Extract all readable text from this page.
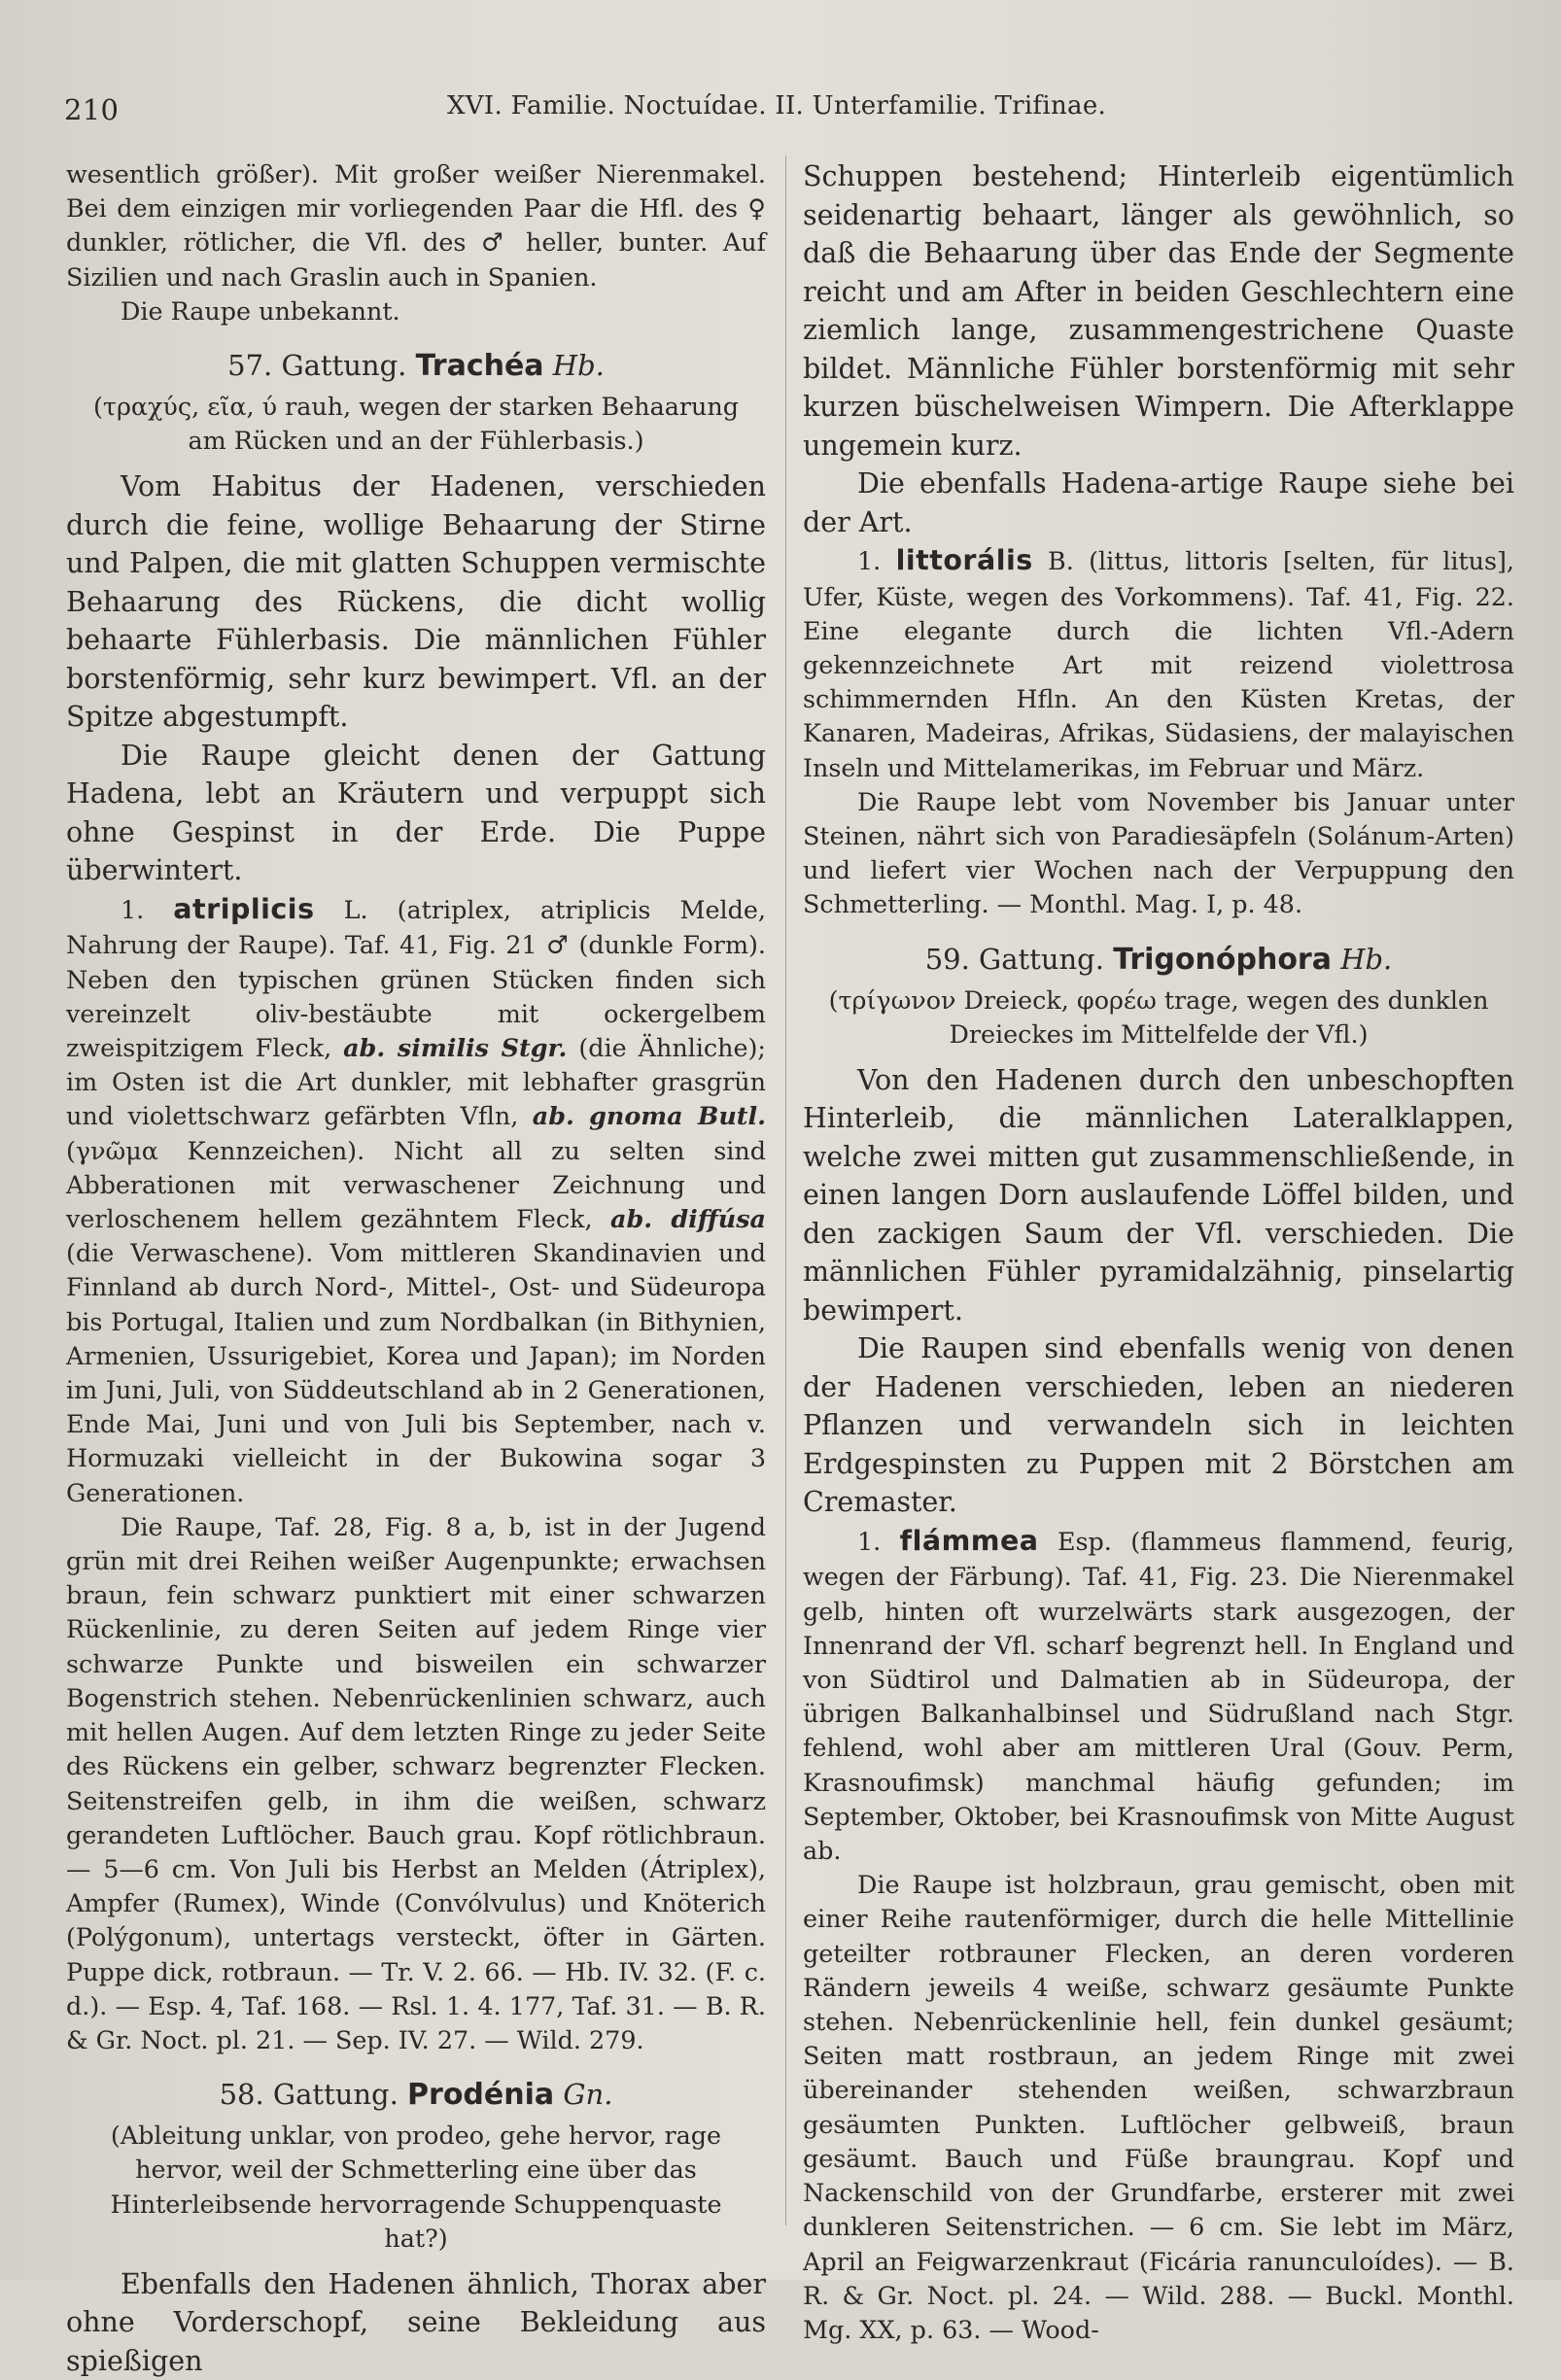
210	XVI. Familie. Noctuídae. II. Unterfamilie. Trifinae.

wesentlich größer). Mit großer weißer Nierenmakel. Bei dem einzigen mir vorliegenden Paar die Hfl. des ♀ dunkler, rötlicher, die Vfl. des ♂ heller, bunter. Auf Sizilien und nach Graslin auch in Spanien.

Die Raupe unbekannt.

57. Gattung. Trachéa Hb.

(τραχύς, εῖα, ύ rauh, wegen der starken Behaarung am Rücken und an der Fühlerbasis.)

Vom Habitus der Hadenen, verschieden durch die feine, wollige Behaarung der Stirne und Palpen, die mit glatten Schuppen vermischte Behaarung des Rückens, die dicht wollig behaarte Fühlerbasis. Die männlichen Fühler borstenförmig, sehr kurz bewimpert. Vfl. an der Spitze abgestumpft.

Die Raupe gleicht denen der Gattung Hadena, lebt an Kräutern und verpuppt sich ohne Gespinst in der Erde. Die Puppe überwintert.

1. atriplicis L. (atriplex, atriplicis Melde, Nahrung der Raupe). Taf. 41, Fig. 21 ♂ (dunkle Form). Neben den typischen grünen Stücken finden sich vereinzelt oliv-bestäubte mit ockergelbem zweispitzigem Fleck, ab. similis Stgr. (die Ähnliche); im Osten ist die Art dunkler, mit lebhafter grasgrün und violettschwarz gefärbten Vfln, ab. gnoma Butl. (γνῶμα Kennzeichen). Nicht all zu selten sind Abberationen mit verwaschener Zeichnung und verloschenem hellem gezähntem Fleck, ab. diffúsa (die Verwaschene). Vom mittleren Skandinavien und Finnland ab durch Nord-, Mittel-, Ost- und Südeuropa bis Portugal, Italien und zum Nordbalkan (in Bithynien, Armenien, Ussurigebiet, Korea und Japan); im Norden im Juni, Juli, von Süddeutschland ab in 2 Generationen, Ende Mai, Juni und von Juli bis September, nach v. Hormuzaki vielleicht in der Bukowina sogar 3 Generationen.

Die Raupe, Taf. 28, Fig. 8 a, b, ist in der Jugend grün mit drei Reihen weißer Augenpunkte; erwachsen braun, fein schwarz punktiert mit einer schwarzen Rückenlinie, zu deren Seiten auf jedem Ringe vier schwarze Punkte und bisweilen ein schwarzer Bogenstrich stehen. Nebenrückenlinien schwarz, auch mit hellen Augen. Auf dem letzten Ringe zu jeder Seite des Rückens ein gelber, schwarz begrenzter Flecken. Seitenstreifen gelb, in ihm die weißen, schwarz gerandeten Luftlöcher. Bauch grau. Kopf rötlichbraun. — 5—6 cm. Von Juli bis Herbst an Melden (Átriplex), Ampfer (Rumex), Winde (Convólvulus) und Knöterich (Polýgonum), untertags versteckt, öfter in Gärten. Puppe dick, rotbraun. — Tr. V. 2. 66. — Hb. IV. 32. (F. c. d.). — Esp. 4, Taf. 168. — Rsl. 1. 4. 177, Taf. 31. — B. R. & Gr. Noct. pl. 21. — Sep. IV. 27. — Wild. 279.

58. Gattung. Prodénia Gn.

(Ableitung unklar, von prodeo, gehe hervor, rage hervor, weil der Schmetterling eine über das Hinterleibsende hervorragende Schuppenquaste hat?)

Ebenfalls den Hadenen ähnlich, Thorax aber ohne Vorderschopf, seine Bekleidung aus spießigen

Schuppen bestehend; Hinterleib eigentümlich seidenartig behaart, länger als gewöhnlich, so daß die Behaarung über das Ende der Segmente reicht und am After in beiden Geschlechtern eine ziemlich lange, zusammengestrichene Quaste bildet. Männliche Fühler borstenförmig mit sehr kurzen büschelweisen Wimpern. Die Afterklappe ungemein kurz.

Die ebenfalls Hadena-artige Raupe siehe bei der Art.

1. littorális B. (littus, littoris [selten, für litus], Ufer, Küste, wegen des Vorkommens). Taf. 41, Fig. 22. Eine elegante durch die lichten Vfl.-Adern gekennzeichnete Art mit reizend violettrosa schimmernden Hfln. An den Küsten Kretas, der Kanaren, Madeiras, Afrikas, Südasiens, der malayischen Inseln und Mittelamerikas, im Februar und März.

Die Raupe lebt vom November bis Januar unter Steinen, nährt sich von Paradiesäpfeln (Solánum-Arten) und liefert vier Wochen nach der Verpuppung den Schmetterling. — Monthl. Mag. I, p. 48.

59. Gattung. Trigonóphora Hb.

(τρίγωνον Dreieck, φορέω trage, wegen des dunklen Dreieckes im Mittelfelde der Vfl.)

Von den Hadenen durch den unbeschopften Hinterleib, die männlichen Lateralklappen, welche zwei mitten gut zusammenschließende, in einen langen Dorn auslaufende Löffel bilden, und den zackigen Saum der Vfl. verschieden. Die männlichen Fühler pyramidalzähnig, pinselartig bewimpert.

Die Raupen sind ebenfalls wenig von denen der Hadenen verschieden, leben an niederen Pflanzen und verwandeln sich in leichten Erdgespinsten zu Puppen mit 2 Börstchen am Cremaster.

1. flámmea Esp. (flammeus flammend, feurig, wegen der Färbung). Taf. 41, Fig. 23. Die Nierenmakel gelb, hinten oft wurzelwärts stark ausgezogen, der Innenrand der Vfl. scharf begrenzt hell. In England und von Südtirol und Dalmatien ab in Südeuropa, der übrigen Balkanhalbinsel und Südrußland nach Stgr. fehlend, wohl aber am mittleren Ural (Gouv. Perm, Krasnoufimsk) manchmal häufig gefunden; im September, Oktober, bei Krasnoufimsk von Mitte August ab.

Die Raupe ist holzbraun, grau gemischt, oben mit einer Reihe rautenförmiger, durch die helle Mittellinie geteilter rotbrauner Flecken, an deren vorderen Rändern jeweils 4 weiße, schwarz gesäumte Punkte stehen. Nebenrückenlinie hell, fein dunkel gesäumt; Seiten matt rostbraun, an jedem Ringe mit zwei übereinander stehenden weißen, schwarzbraun gesäumten Punkten. Luftlöcher gelbweiß, braun gesäumt. Bauch und Füße braungrau. Kopf und Nackenschild von der Grundfarbe, ersterer mit zwei dunkleren Seitenstrichen. — 6 cm. Sie lebt im März, April an Feigwarzenkraut (Ficária ranunculoídes). — B. R. & Gr. Noct. pl. 24. — Wild. 288. — Buckl. Monthl. Mg. XX, p. 63. — Wood-
